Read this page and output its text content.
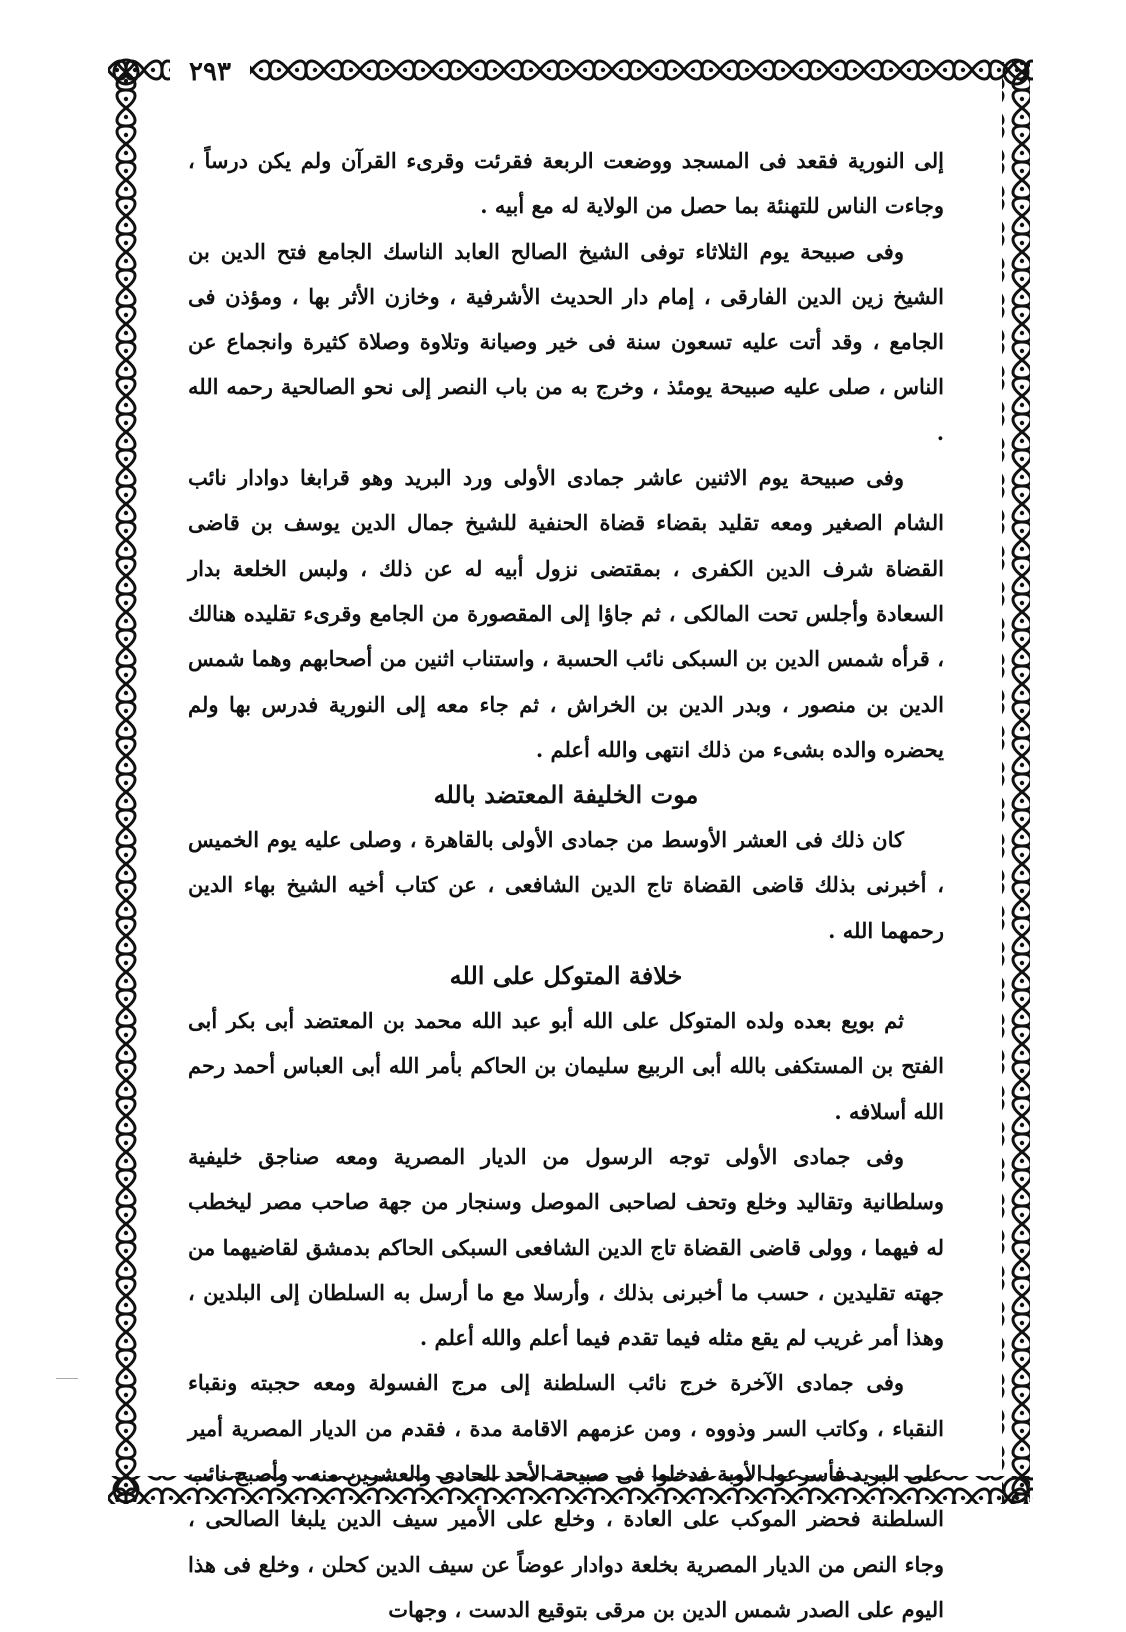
٢٩٣

إلى النورية فقعد فى المسجد ووضعت الربعة فقرئت وقرىء القرآن ولم يكن درساً ، وجاءت الناس للتهنئة بما حصل من الولاية له مع أبيه .

وفى صبيحة يوم الثلاثاء توفى الشيخ الصالح العابد الناسك الجامع فتح الدين بن الشيخ زين الدين الفارقى ، إمام دار الحديث الأشرفية ، وخازن الأثر بها ، ومؤذن فى الجامع ، وقد أتت عليه تسعون سنة فى خير وصيانة وتلاوة وصلاة كثيرة وانجماع عن الناس ، صلى عليه صبيحة يومئذ ، وخرج به من باب النصر إلى نحو الصالحية رحمه الله .

وفى صبيحة يوم الاثنين عاشر جمادى الأولى ورد البريد وهو قرابغا دوادار نائب الشام الصغير ومعه تقليد بقضاء قضاة الحنفية للشيخ جمال الدين يوسف بن قاضى القضاة شرف الدين الكفرى ، بمقتضى نزول أبيه له عن ذلك ، ولبس الخلعة بدار السعادة وأجلس تحت المالكى ، ثم جاؤا إلى المقصورة من الجامع وقرىء تقليده هنالك ، قرأه شمس الدين بن السبكى نائب الحسبة ، واستناب اثنين من أصحابهم وهما شمس الدين بن منصور ، وبدر الدين بن الخراش ، ثم جاء معه إلى النورية فدرس بها ولم يحضره والده بشىء من ذلك انتهى والله أعلم .

موت الخليفة المعتضد بالله

كان ذلك فى العشر الأوسط من جمادى الأولى بالقاهرة ، وصلى عليه يوم الخميس ، أخبرنى بذلك قاضى القضاة تاج الدين الشافعى ، عن كتاب أخيه الشيخ بهاء الدين رحمهما الله .

خلافة المتوكل على الله

ثم بويع بعده ولده المتوكل على الله أبو عبد الله محمد بن المعتضد أبى بكر أبى الفتح بن المستكفى بالله أبى الربيع سليمان بن الحاكم بأمر الله أبى العباس أحمد رحم الله أسلافه .

وفى جمادى الأولى توجه الرسول من الديار المصرية ومعه صناجق خليفية وسلطانية وتقاليد وخلع وتحف لصاحبى الموصل وسنجار من جهة صاحب مصر ليخطب له فيهما ، وولى قاضى القضاة تاج الدين الشافعى السبكى الحاكم بدمشق لقاضيهما من جهته تقليدين ، حسب ما أخبرنى بذلك ، وأرسلا مع ما أرسل به السلطان إلى البلدين ، وهذا أمر غريب لم يقع مثله فيما تقدم فيما أعلم والله أعلم .

وفى جمادى الآخرة خرج نائب السلطنة إلى مرج الفسولة ومعه حجبته ونقباء النقباء ، وكاتب السر وذووه ، ومن عزمهم الاقامة مدة ، فقدم من الديار المصرية أمير على البريد فأسرعوا الأوبة فدخلوا فى صبيحة الأحد الحادى والعشرين منه ، وأصبح نائب السلطنة فحضر الموكب على العادة ، وخلع على الأمير سيف الدين يلبغا الصالحى ، وجاء النص من الديار المصرية بخلعة دوادار عوضاً عن سيف الدين كحلن ، وخلع فى هذا اليوم على الصدر شمس الدين بن مرقى بتوقيع الدست ، وجهات
